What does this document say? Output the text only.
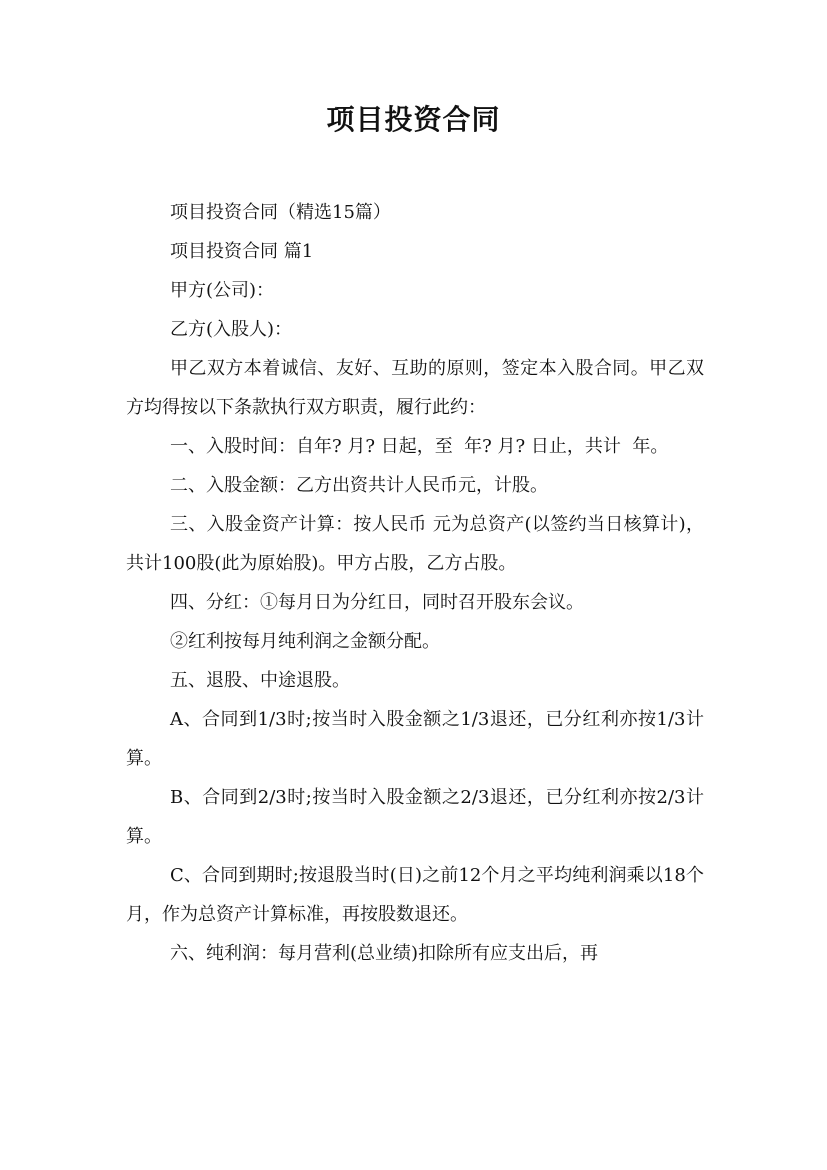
项目投资合同

项目投资合同（精选15篇）

项目投资合同 篇1

甲方(公司)：

乙方(入股人)：

甲乙双方本着诚信、友好、互助的原则，签定本入股合同。甲乙双方均得按以下条款执行双方职责，履行此约：

一、入股时间：自年? 月? 日起，至  年? 月? 日止，共计  年。

二、入股金额：乙方出资共计人民币元，计股。

三、入股金资产计算：按人民币 元为总资产(以签约当日核算计)，共计100股(此为原始股)。甲方占股，乙方占股。

四、分红：①每月日为分红日，同时召开股东会议。

②红利按每月纯利润之金额分配。

五、退股、中途退股。

A、合同到1/3时;按当时入股金额之1/3退还，已分红利亦按1/3计算。

B、合同到2/3时;按当时入股金额之2/3退还，已分红利亦按2/3计算。

C、合同到期时;按退股当时(日)之前12个月之平均纯利润乘以18个月，作为总资产计算标准，再按股数退还。

六、纯利润：每月营利(总业绩)扣除所有应支出后，再
